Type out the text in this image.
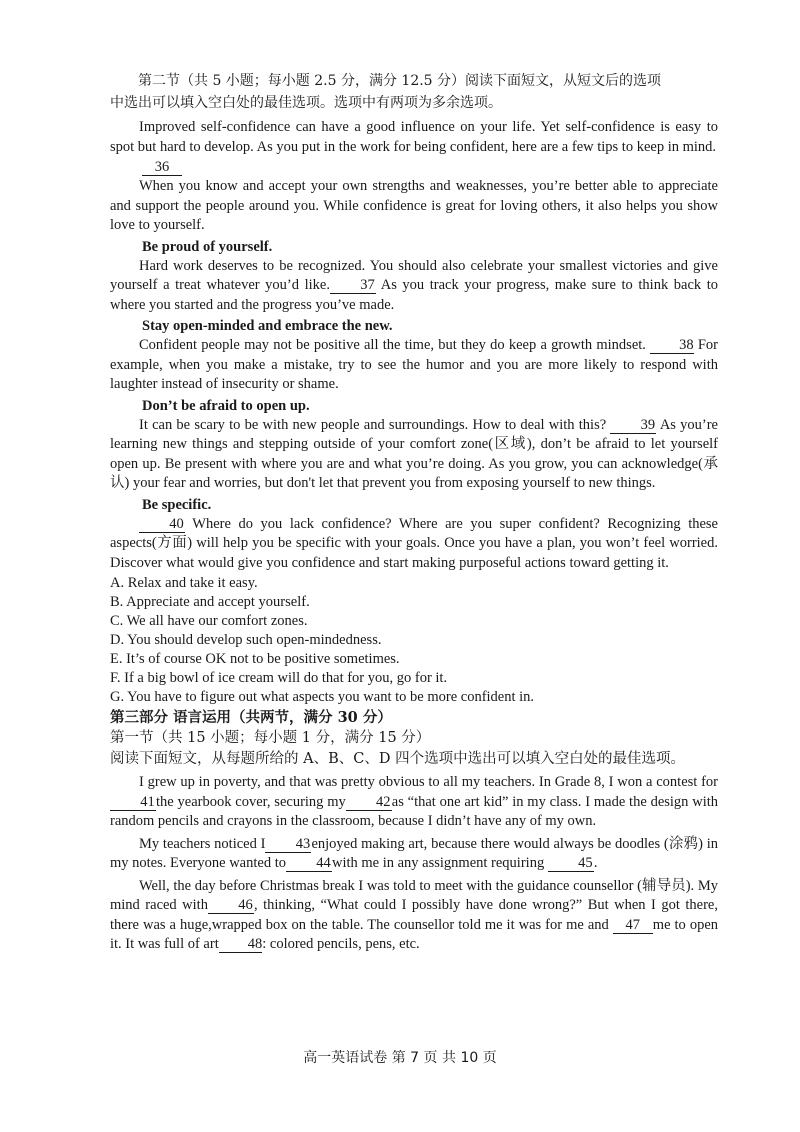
第二节（共 5 小题；每小题 2.5 分，满分 12.5 分）阅读下面短文，从短文后的选项

中选出可以填入空白处的最佳选项。选项中有两项为多余选项。

Improved self-confidence can have a good influence on your life. Yet self-confidence is easy to spot but hard to develop. As you put in the work for being confident, here are a few tips to keep in mind.

36

When you know and accept your own strengths and weaknesses, you’re better able to appreciate and support the people around you. While confidence is great for loving others, it also helps you show love to yourself.

Be proud of yourself.

Hard work deserves to be recognized. You should also celebrate your smallest victories and give yourself a treat whatever you’d like. 37 As you track your progress, make sure to think back to where you started and the progress you’ve made.

Stay open-minded and embrace the new.

Confident people may not be positive all the time, but they do keep a growth mindset. 38 For example, when you make a mistake, try to see the humor and you are more likely to respond with laughter instead of insecurity or shame.

Don’t be afraid to open up.

It can be scary to be with new people and surroundings. How to deal with this? 39 As you’re learning new things and stepping outside of your comfort zone(区域), don’t be afraid to let yourself open up. Be present with where you are and what you’re doing. As you grow, you can acknowledge(承认) your fear and worries, but don't let that prevent you from exposing yourself to new things.

Be specific.

40 Where do you lack confidence? Where are you super confident? Recognizing these aspects(方面) will help you be specific with your goals. Once you have a plan, you won’t feel worried. Discover what would give you confidence and start making purposeful actions toward getting it.

A. Relax and take it easy.

B. Appreciate and accept yourself.

C. We all have our comfort zones.

D. You should develop such open-mindedness.

E. It’s of course OK not to be positive sometimes.

F. If a big bowl of ice cream will do that for you, go for it.

G. You have to figure out what aspects you want to be more confident in.

第三部分 语言运用（共两节，满分 30 分）

第一节（共 15 小题；每小题 1 分，满分 15 分）

阅读下面短文，从每题所给的 A、B、C、D 四个选项中选出可以填入空白处的最佳选项。

I grew up in poverty, and that was pretty obvious to all my teachers. In Grade 8, I won a contest for41the yearbook cover, securing my 42as “that one art kid” in my class. I made the design with random pencils and crayons in the classroom, because I didn’t have any of my own.

My teachers noticed I 43enjoyed making art, because there would always be doodles (涂鸦) in my notes. Everyone wanted to 44with me in any assignment requiring 45.

Well, the day before Christmas break I was told to meet with the guidance counsellor (辅导员). My mind raced with 46, thinking, “What could I possibly have done wrong?” But when I got there, there was a huge,wrapped box on the table. The counsellor told me it was for me and 47 me to open it. It was full of art 48: colored pencils, pens, etc.

高一英语试卷 第 7 页 共 10 页
